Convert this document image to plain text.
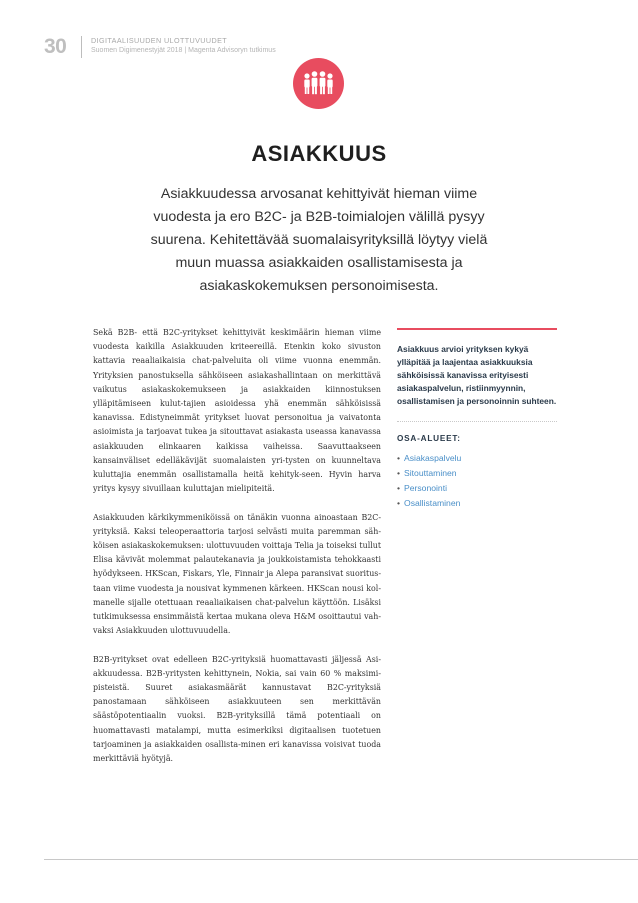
30	DIGITAALISUUDEN ULOTTUVUUDET
Suomen Digimenestyjät 2018 | Magenta Advisoryn tutkimus
ASIAKKUUS
Asiakkuudessa arvosanat kehittyivät hieman viime vuodesta ja ero B2C- ja B2B-toimialojen välillä pysyy suurena. Kehitettävää suomalaisyrityksillä löytyy vielä muun muassa asiakkaiden osallistamisesta ja asiakaskokemuksen personoimisesta.

Sekä B2B- että B2C-yritykset kehittyivät keskimäärin hieman viime vuodesta kaikilla Asiakkuuden kriteereillä. Etenkin koko sivuston kattavia reaaliaikaisia chat-palveluita oli viime vuonna enemmän. Yrityksien panostuksella sähköiseen asiakashallintaan on merkittävä vaikutus asiakaskokemukseen ja asiakkaiden kiinnostuksen ylläpitämiseen kulut-tajien asioidessa yhä enemmän sähköisissä kanavissa. Edistyneimmät yritykset luovat personoitua ja vaivatonta asioimista ja tarjoavat tukea ja sitouttavat asiakasta useassa kanavassa asiakkuuden elinkaaren kaikissa vaiheissa. Saavuttaakseen kansainväliset edelläkävijät suomalaisten yri-tysten on kuunneltava kuluttajia enemmän osallistamalla heitä kehityk-seen. Hyvin harva yritys kysyy sivuillaan kuluttajan mielipiteitä.

Asiakkuuden kärkikymmeniköissä on tänäkin vuonna ainoastaan B2C-yrityksiä. Kaksi teleoperaattoria tarjosi selvästi muita paremman säh-köisen asiakaskokemuksen: ulottuvuuden voittaja Telia ja toiseksi tullut Elisa kävivät molemmat palautekanavia ja joukkoistamista tehokkaasti hyödykseen. HKScan, Fiskars, Yle, Finnair ja Alepa paransivat suoritus-taan viime vuodesta ja nousivat kymmenen kärkeen. HKScan nousi kol-manelle sijalle otettuaan reaaliaikaisen chat-palvelun käyttöön. Lisäksi tutkimuksessa ensimmäistä kertaa mukana oleva H&M osoittautui vah-vaksi Asiakkuuden ulottuvuudella.

B2B-yritykset ovat edelleen B2C-yrityksiä huomattavasti jäljessä Asi-akkuudessa. B2B-yritysten kehittynein, Nokia, sai vain 60 % maksimi-pisteistä. Suuret asiakasmäärät kannustavat B2C-yrityksiä panostamaan sähköiseen asiakkuuteen sen merkittävän säästöpotentiaalin vuoksi. B2B-yrityksillä tämä potentiaali on huomattavasti matalampi, mutta esimerkiksi digitaalisen tuotetuen tarjoaminen ja asiakkaiden osallista-minen eri kanavissa voisivat tuoda merkittäviä hyötyjä.

Asiakkuus arvioi yrityksen kykyä ylläpitää ja laajentaa asiakkuuksia sähköisissä kanavissa erityisesti asiakaspalvelun, ristiinmyynnin, osallistamisen ja personoinnin suhteen.
OSA-ALUEET:
• Asiakaspalvelu
• Sitouttaminen
• Personointi
• Osallistaminen
